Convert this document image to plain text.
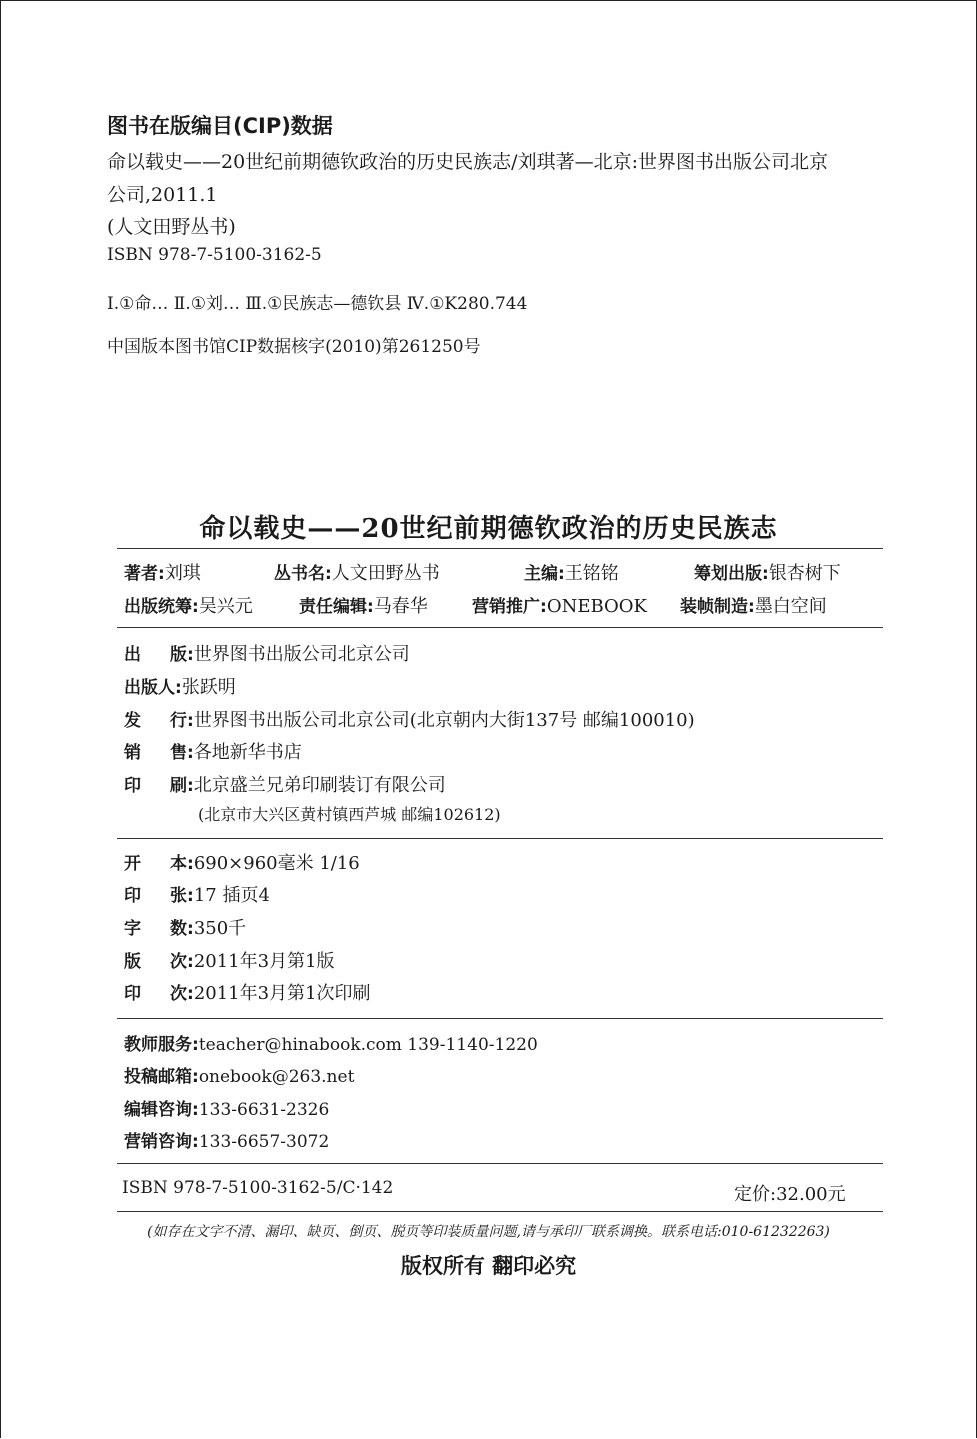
图书在版编目(CIP)数据
命以载史——20世纪前期德钦政治的历史民族志/刘琪著—北京:世界图书出版公司北京
公司,2011.1
(人文田野丛书)
ISBN 978-7-5100-3162-5
Ⅰ.①命… Ⅱ.①刘… Ⅲ.①民族志—德钦县 Ⅳ.①K280.744
中国版本图书馆CIP数据核字(2010)第261250号
命以载史——20世纪前期德钦政治的历史民族志
著者:刘琪	丛书名:人文田野丛书	主编:王铭铭	筹划出版:银杏树下
出版统筹:吴兴元	责任编辑:马春华	营销推广:ONEBOOK 装帧制造:墨白空间
出 版:世界图书出版公司北京公司
出版人:张跃明
发 行:世界图书出版公司北京公司(北京朝内大街137号 邮编100010)
销 售:各地新华书店
印 刷:北京盛兰兄弟印刷装订有限公司
(北京市大兴区黄村镇西芦城 邮编102612)
开 本:690×960毫米 1/16
印 张:17 插页4
字 数:350千
版 次:2011年3月第1版
印 次:2011年3月第1次印刷
教师服务:teacher@hinabook.com 139-1140-1220
投稿邮箱:onebook@263.net
编辑咨询:133-6631-2326
营销咨询:133-6657-3072
ISBN 978-7-5100-3162-5/C·142	定价:32.00元
(如存在文字不清、漏印、缺页、倒页、脱页等印装质量问题,请与承印厂联系调换。联系电话:010-61232263)
版权所有 翻印必究
